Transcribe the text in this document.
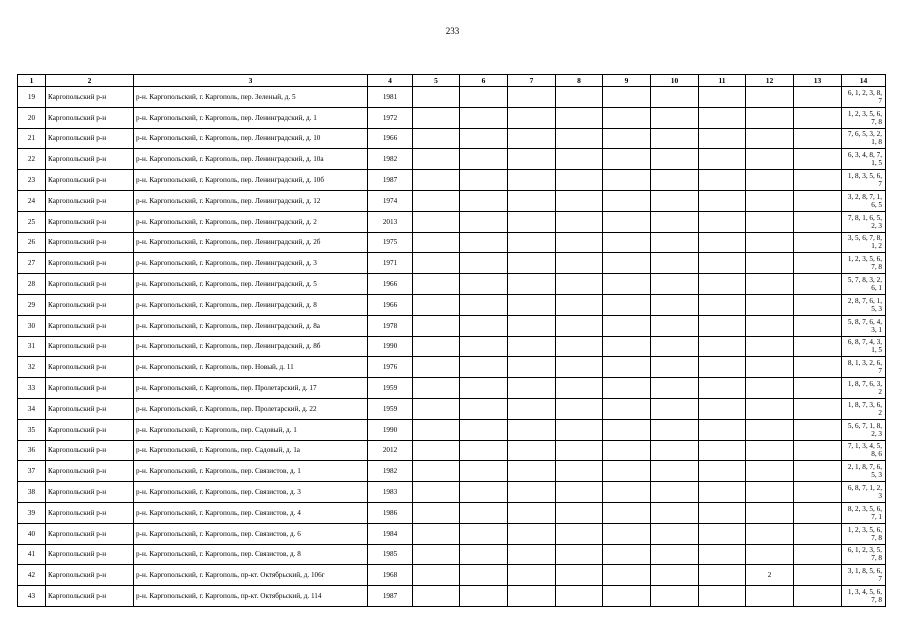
233
1	2	3	4	5	6	7	8	9	10	11	12	13	14
19	Каргопольский р-н	р-н. Каргопольский, г. Каргополь, пер. Зеленый, д. 5	1981										6, 1, 2, 3, 8, 7
20	Каргопольский р-н	р-н. Каргопольский, г. Каргополь, пер. Ленинградский, д. 1	1972										1, 2, 3, 5, 6, 7, 8
21	Каргопольский р-н	р-н. Каргопольский, г. Каргополь, пер. Ленинградский, д. 10	1966										7, 6, 5, 3, 2, 1, 8
22	Каргопольский р-н	р-н. Каргопольский, г. Каргополь, пер. Ленинградский, д. 10а	1982										6, 3, 4, 8, 7, 1, 5
23	Каргопольский р-н	р-н. Каргопольский, г. Каргополь, пер. Ленинградский, д. 10б	1987										1, 8, 3, 5, 6, 7
24	Каргопольский р-н	р-н. Каргопольский, г. Каргополь, пер. Ленинградский, д. 12	1974										3, 2, 8, 7, 1, 6, 5
25	Каргопольский р-н	р-н. Каргопольский, г. Каргополь, пер. Ленинградский, д. 2	2013										7, 8, 1, 6, 5, 2, 3
26	Каргопольский р-н	р-н. Каргопольский, г. Каргополь, пер. Ленинградский, д. 2б	1975										3, 5, 6, 7, 8, 1, 2
27	Каргопольский р-н	р-н. Каргопольский, г. Каргополь, пер. Ленинградский, д. 3	1971										1, 2, 3, 5, 6, 7, 8
28	Каргопольский р-н	р-н. Каргопольский, г. Каргополь, пер. Ленинградский, д. 5	1966										5, 7, 8, 3, 2, 6, 1
29	Каргопольский р-н	р-н. Каргопольский, г. Каргополь, пер. Ленинградский, д. 8	1966										2, 8, 7, 6, 1, 5, 3
30	Каргопольский р-н	р-н. Каргопольский, г. Каргополь, пер. Ленинградский, д. 8а	1978										5, 8, 7, 6, 4, 3, 1
31	Каргопольский р-н	р-н. Каргопольский, г. Каргополь, пер. Ленинградский, д. 8б	1990										6, 8, 7, 4, 3, 1, 5
32	Каргопольский р-н	р-н. Каргопольский, г. Каргополь, пер. Новый, д. 11	1976										8, 1, 3, 2, 6, 7
33	Каргопольский р-н	р-н. Каргопольский, г. Каргополь, пер. Пролетарский, д. 17	1959										1, 8, 7, 6, 3, 2
34	Каргопольский р-н	р-н. Каргопольский, г. Каргополь, пер. Пролетарский, д. 22	1959										1, 8, 7, 3, 6, 2
35	Каргопольский р-н	р-н. Каргопольский, г. Каргополь, пер. Садовый, д. 1	1990										5, 6, 7, 1, 8, 2, 3
36	Каргопольский р-н	р-н. Каргопольский, г. Каргополь, пер. Садовый, д. 1а	2012										7, 1, 3, 4, 5, 8, 6
37	Каргопольский р-н	р-н. Каргопольский, г. Каргополь, пер. Связистов, д. 1	1982										2, 1, 8, 7, 6, 5, 3
38	Каргопольский р-н	р-н. Каргопольский, г. Каргополь, пер. Связистов, д. 3	1983										6, 8, 7, 1, 2, 3
39	Каргопольский р-н	р-н. Каргопольский, г. Каргополь, пер. Связистов, д. 4	1986										8, 2, 3, 5, 6, 7, 1
40	Каргопольский р-н	р-н. Каргопольский, г. Каргополь, пер. Связистов, д. 6	1984										1, 2, 3, 5, 6, 7, 8
41	Каргопольский р-н	р-н. Каргопольский, г. Каргополь, пер. Связистов, д. 8	1985										6, 1, 2, 3, 5, 7, 8
42	Каргопольский р-н	р-н. Каргопольский, г. Каргополь, пр-кт. Октябрьский, д. 106г	1968								2		3, 1, 8, 5, 6, 7
43	Каргопольский р-н	р-н. Каргопольский, г. Каргополь, пр-кт. Октябрьский, д. 114	1987										1, 3, 4, 5, 6, 7, 8
